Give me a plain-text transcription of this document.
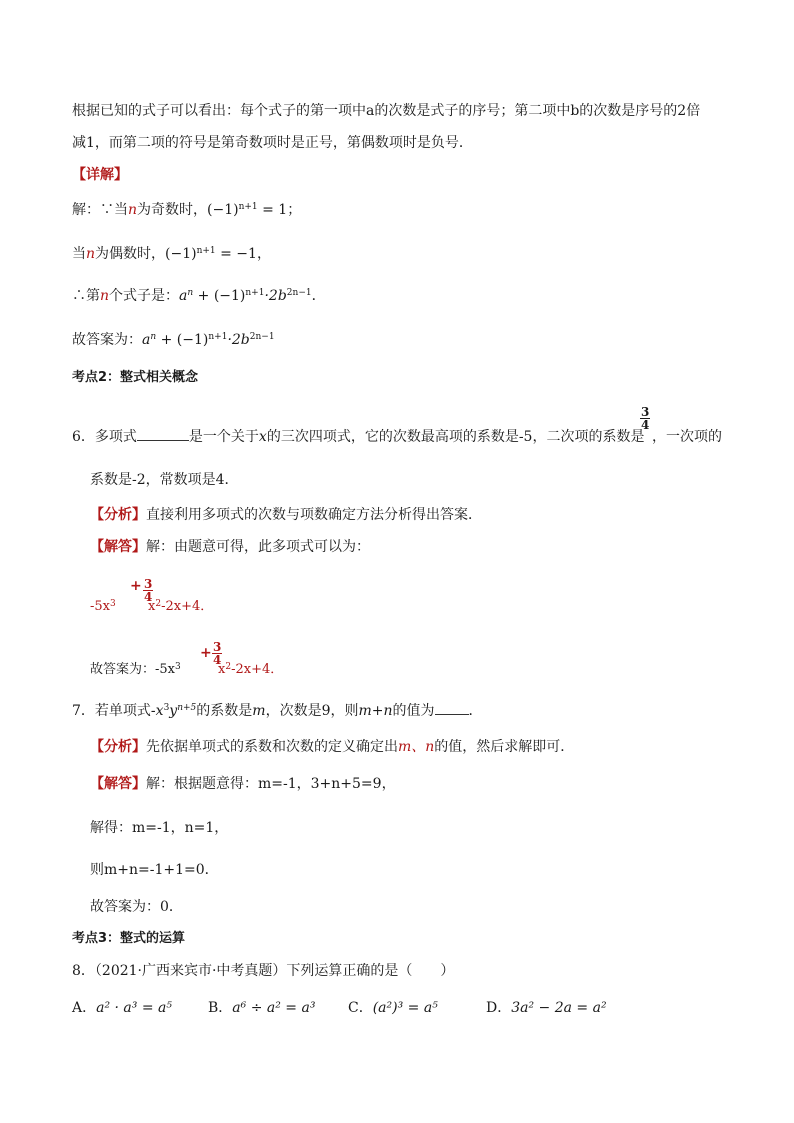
根据已知的式子可以看出：每个式子的第一项中a的次数是式子的序号；第二项中b的次数是序号的2倍
减1，而第二项的符号是第奇数项时是正号，第偶数项时是负号．
【详解】
解：∵当n为奇数时，$(-1)^{n+1} = 1$；
当n为偶数时，$(-1)^{n+1} = -1$，
∴第n个式子是：$a^n + (-1)^{n+1}\cdot 2b^{2n-1}$．
故答案为：$a^n + (-1)^{n+1}\cdot 2b^{2n-1}$
考点2：整式相关概念
6．多项式	是一个关于x的三次四项式，它的次数最高项的系数是-5，二次项的系数是
$\frac{3}{4}$
，一次项的
系数是-2，常数项是4．
【分析】直接利用多项式的次数与项数确定方法分析得出答案．
【解答】解：由题意可得，此多项式可以为：
$-5x^3$
+ $\frac{3}{4}$
$x^2-2x+4$．
故答案为：$-5x^3$
+ $\frac{3}{4}$
$x^2-2x+4$．
7．若单项式$-x^3y^{n+5}$的系数是m，次数是9，则m+n的值为 ．
【分析】先依据单项式的系数和次数的定义确定出m、n的值，然后求解即可．
【解答】解：根据题意得：m=-1，3+n+5=9，
解得：m=-1，n=1，
则m+n=-1+1=0．
故答案为：0．
考点3：整式的运算
8．（2021·广西来宾市·中考真题）下列运算正确的是（　　）
A．a² · a³ = a⁵	B．a⁶ ÷ a² = a³ C．(a²)³ = a⁵	D．3a² − 2a = a²
